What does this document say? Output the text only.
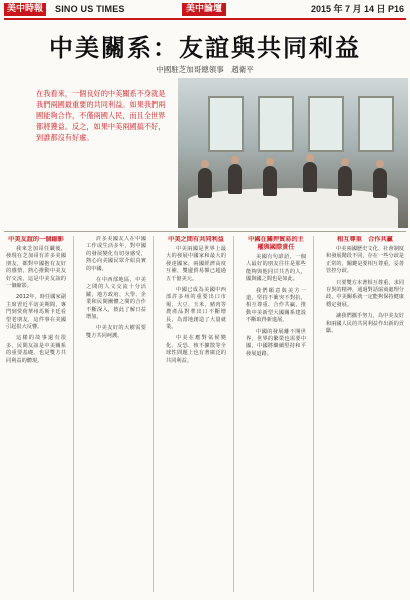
美中時報	SINO US TIMES	美中論壇	2015 年 7 月 14 日 P16
中美關系：友誼與共同利益
中國駐芝加哥總領事　趙衛平
在我看來，一個良好的中美關系不身就是我們兩國最重要的共同利益。如果我們兩國能夠合作，不僅兩國人民，而且全世界都將獲益。反之，如果中美兩國搞不好，到誰都沒有好處。
中美友誼的一個縮影

我來芝加哥任職後，發現在芝加哥有許多美國朋友，都對中國抱有友好的感情，熱心推動中美友好交流，這是中美友誼的一個縮影。

2012年，時任國家副主席習近平訪美期間，專門到愛荷華州馬斯卡廷看望老朋友，這件事在美國引起很大反響。

這樣的故事還有很多，民間友誼是中美關系的重要基礎，也是雙方共同利益的體現。

許多美國友人在中國工作或生活多年，對中國的發展變化有切身感受，熱心向美國民眾介紹真實的中國。

在中西部地區，中美之間的人文交流十分活躍，地方政府、大學、企業和民間團體之間的合作不斷深入，彼此了解日益增加。

中美友好的大樹需要雙方共同呵護。

中美之間有共同利益

中美兩國是世界上最大的發展中國家和最大的發達國家，兩國經濟高度互補，雙邊貿易額已超過五千億美元。

中國已成為美國中西部許多州的重要出口市場，大豆、玉米、豬肉等農產品對華出口不斷增長，為當地創造了大量就業。

中美在應對氣候變化、反恐、核不擴散等全球性問題上也有著廣泛的共同利益。

中國在關押貿易的主權與國際責任

美國有句諺語，一個人最好的朋友往往是那些能夠與他同甘共苦的人，國與國之間也是如此。

我們願意與美方一道，堅持不衝突不對抗，相互尊重、合作共贏，推動中美新型大國關系建設不斷取得新進展。

中國的發展離不開世界，世界的繁榮也需要中國，中國將繼續堅持和平發展道路。

相互尊重　合作共贏

中美兩國歷史文化、社會制度和發展階段不同，存在一些分歧是正常的，關鍵是要相互尊重，妥善管控分歧。

只要雙方本著相互尊重、求同存異的精神，通過對話協商處理分歧，中美關系就一定能夠保持健康穩定發展。

讓我們攜手努力，為中美友好和兩國人民的共同利益作出新的貢獻。
